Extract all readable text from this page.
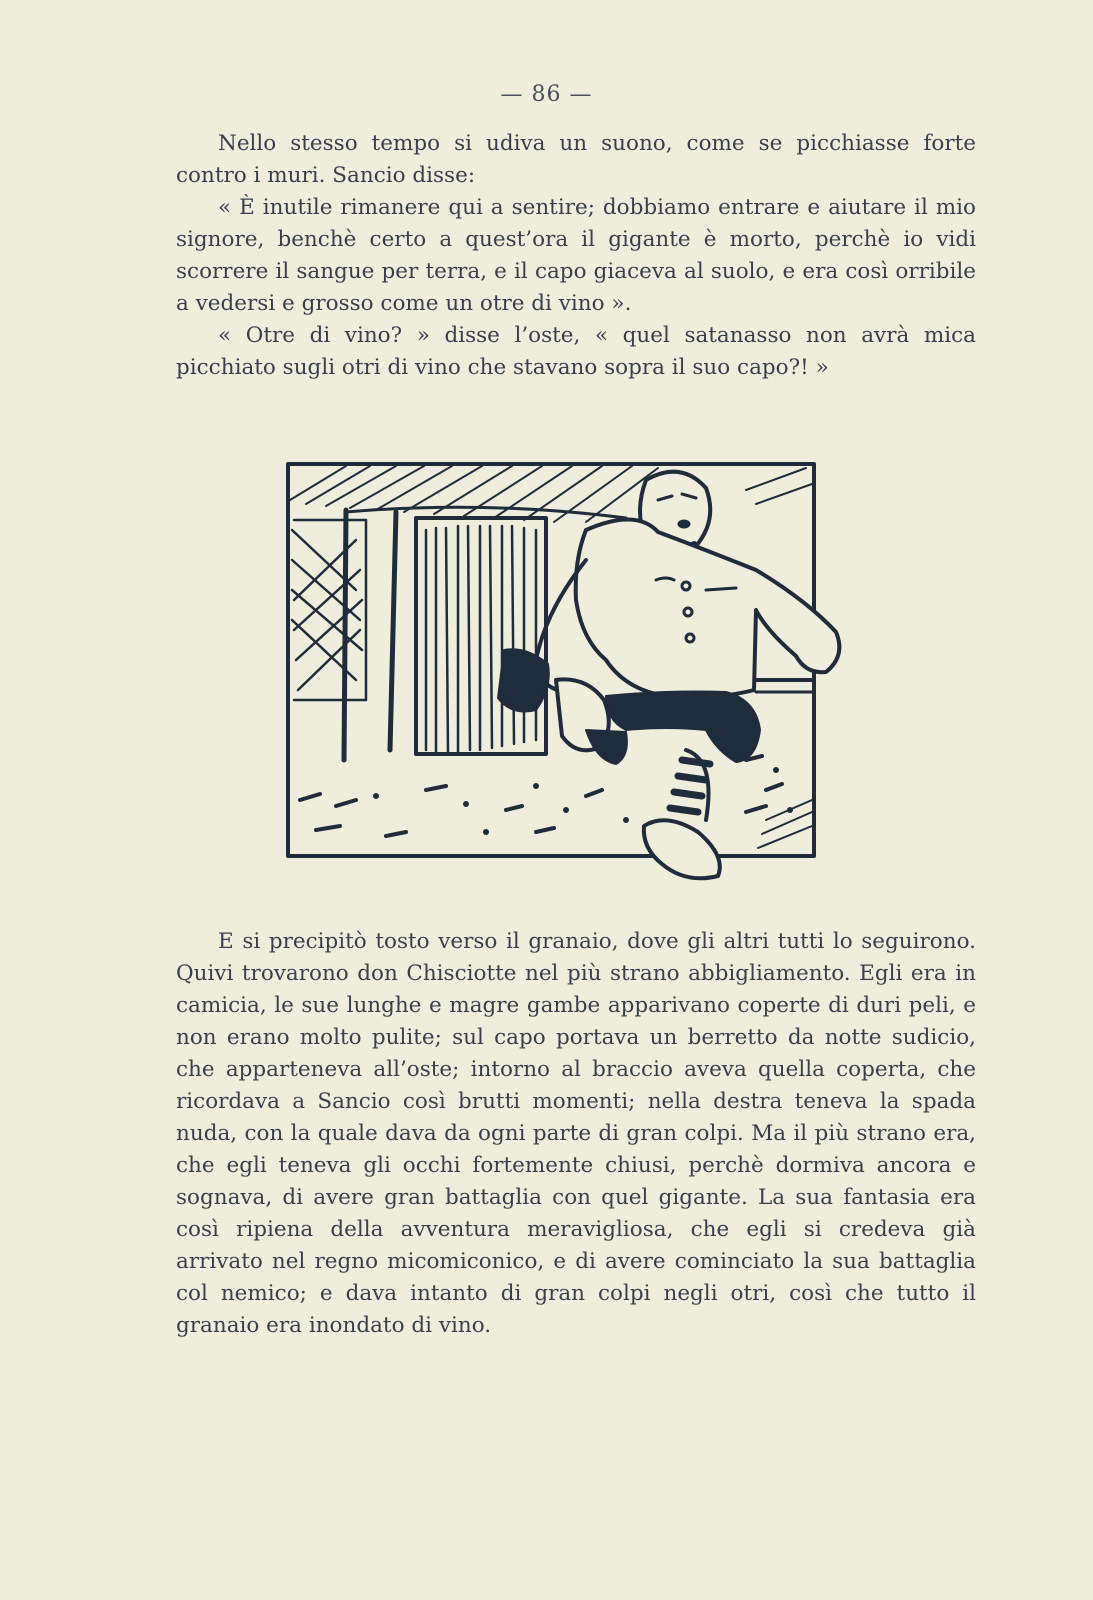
— 86 —

Nello stesso tempo si udiva un suono, come se picchiasse forte contro i muri. Sancio disse:

« È inutile rimanere qui a sentire; dobbiamo entrare e aiutare il mio signore, benchè certo a quest’ora il gigante è morto, perchè io vidi scorrere il sangue per terra, e il capo giaceva al suolo, e era così orribile a vedersi e grosso come un otre di vino ».

« Otre di vino? » disse l’oste, « quel satanasso non avrà mica picchiato sugli otri di vino che stavano sopra il suo capo?! »

E si precipitò tosto verso il granaio, dove gli altri tutti lo seguirono. Quivi trovarono don Chisciotte nel più strano abbigliamento. Egli era in camicia, le sue lunghe e magre gambe apparivano coperte di duri peli, e non erano molto pulite; sul capo portava un berretto da notte sudicio, che apparteneva all’oste; intorno al braccio aveva quella coperta, che ricordava a Sancio così brutti momenti; nella destra teneva la spada nuda, con la quale dava da ogni parte di gran colpi. Ma il più strano era, che egli teneva gli occhi fortemente chiusi, perchè dormiva ancora e sognava, di avere gran battaglia con quel gigante. La sua fantasia era così ripiena della avventura meravigliosa, che egli si credeva già arrivato nel regno micomiconico, e di avere cominciato la sua battaglia col nemico; e dava intanto di gran colpi negli otri, così che tutto il granaio era inondato di vino.
